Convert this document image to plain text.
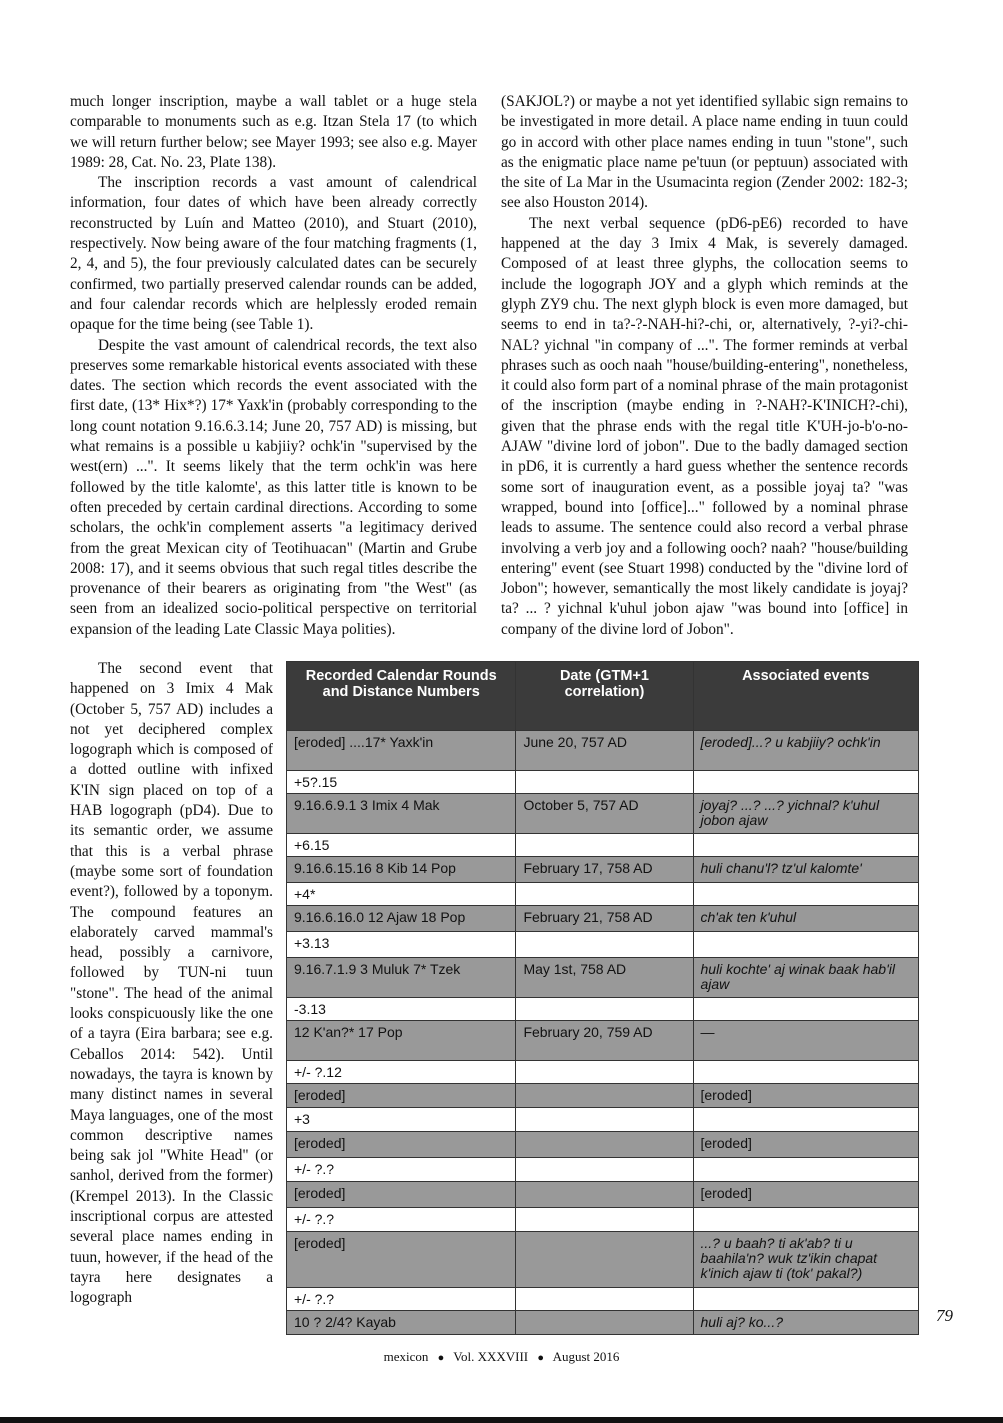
much longer inscription, maybe a wall tablet or a huge stela comparable to monuments such as e.g. Itzan Stela 17 (to which we will return further below; see Mayer 1993; see also e.g. Mayer 1989: 28, Cat. No. 23, Plate 138).

The inscription records a vast amount of calendrical information, four dates of which have been already correctly reconstructed by Luín and Matteo (2010), and Stuart (2010), respectively. Now being aware of the four matching fragments (1, 2, 4, and 5), the four previously calculated dates can be securely confirmed, two partially preserved calendar rounds can be added, and four calendar records which are helplessly eroded remain opaque for the time being (see Table 1).

Despite the vast amount of calendrical records, the text also preserves some remarkable historical events associated with these dates. The section which records the event associated with the first date, (13* Hix*?) 17* Yaxk'in (probably corresponding to the long count notation 9.16.6.3.14; June 20, 757 AD) is missing, but what remains is a possible u kabjiiy? ochk'in "supervised by the west(ern) ...". It seems likely that the term ochk'in was here followed by the title kalomte', as this latter title is known to be often preceded by certain cardinal directions. According to some scholars, the ochk'in complement asserts "a legitimacy derived from the great Mexican city of Teotihuacan" (Martin and Grube 2008: 17), and it seems obvious that such regal titles describe the provenance of their bearers as originating from "the West" (as seen from an idealized socio-political perspective on territorial expansion of the leading Late Classic Maya polities).

The second event that happened on 3 Imix 4 Mak (October 5, 757 AD) includes a not yet deciphered complex logograph which is composed of a dotted outline with infixed K'IN sign placed on top of a HAB logograph (pD4). Due to its semantic order, we assume that this is a verbal phrase (maybe some sort of foundation event?), followed by a toponym. The compound features an elaborately carved mammal's head, possibly a carnivore, followed by TUN-ni tuun "stone". The head of the animal looks conspicuously like the one of a tayra (Eira barbara; see e.g. Ceballos 2014: 542). Until nowadays, the tayra is known by many distinct names in several Maya languages, one of the most common descriptive names being sak jol "White Head" (or sanhol, derived from the former) (Krempel 2013). In the Classic inscriptional corpus are attested several place names ending in tuun, however, if the head of the tayra here designates a logograph

(SAKJOL?) or maybe a not yet identified syllabic sign remains to be investigated in more detail. A place name ending in tuun could go in accord with other place names ending in tuun "stone", such as the enigmatic place name pe'tuun (or peptuun) associated with the site of La Mar in the Usumacinta region (Zender 2002: 182-3; see also Houston 2014).

The next verbal sequence (pD6-pE6) recorded to have happened at the day 3 Imix 4 Mak, is severely damaged. Composed of at least three glyphs, the collocation seems to include the logograph JOY and a glyph which reminds at the glyph ZY9 chu. The next glyph block is even more damaged, but seems to end in ta?-?-NAH-hi?-chi, or, alternatively, ?-yi?-chi-NAL? yichnal "in company of ...". The former reminds at verbal phrases such as ooch naah "house/building-entering", nonetheless, it could also form part of a nominal phrase of the main protagonist of the inscription (maybe ending in ?-NAH?-K'INICH?-chi), given that the phrase ends with the regal title K'UH-jo-b'o-no-AJAW "divine lord of jobon". Due to the badly damaged section in pD6, it is currently a hard guess whether the sentence records some sort of inauguration event, as a possible joyaj ta? "was wrapped, bound into [office]..." followed by a nominal phrase leads to assume. The sentence could also record a verbal phrase involving a verb joy and a following ooch? naah? "house/building entering" event (see Stuart 1998) conducted by the "divine lord of Jobon"; however, semantically the most likely candidate is joyaj? ta? ... ? yichnal k'uhul jobon ajaw "was bound into [office] in company of the divine lord of Jobon".

Recorded Calendar Rounds and Distance Numbers	Date (GTM+1 correlation)	Associated events
[eroded] ....17* Yaxk'in	June 20, 757 AD	[eroded]...? u kabjiiy? ochk'in
+5?.15		
9.16.6.9.1 3 Imix 4 Mak	October 5, 757 AD	joyaj? ...? ...? yichnal? k'uhul jobon ajaw
+6.15		
9.16.6.15.16 8 Kib 14 Pop	February 17, 758 AD	huli chanu'l? tz'ul kalomte'
+4*		
9.16.6.16.0 12 Ajaw 18 Pop	February 21, 758 AD	ch'ak ten k'uhul
+3.13		
9.16.7.1.9 3 Muluk 7* Tzek	May 1st, 758 AD	huli kochte' aj winak baak hab'il ajaw
-3.13		
12 K'an?* 17 Pop	February 20, 759 AD	—
+/- ?.12		
[eroded]		[eroded]
+3		
[eroded]		[eroded]
+/- ?.?		
[eroded]		[eroded]
+/- ?.?		
[eroded]		...? u baah? ti ak'ab? ti u baahila'n? wuk tz'ikin chapat k'inich ajaw ti (tok' pakal?)
+/- ?.?		
10 ? 2/4? Kayab		huli aj? ko...?	79
mexicon ● Vol. XXXVIII ● August 2016
